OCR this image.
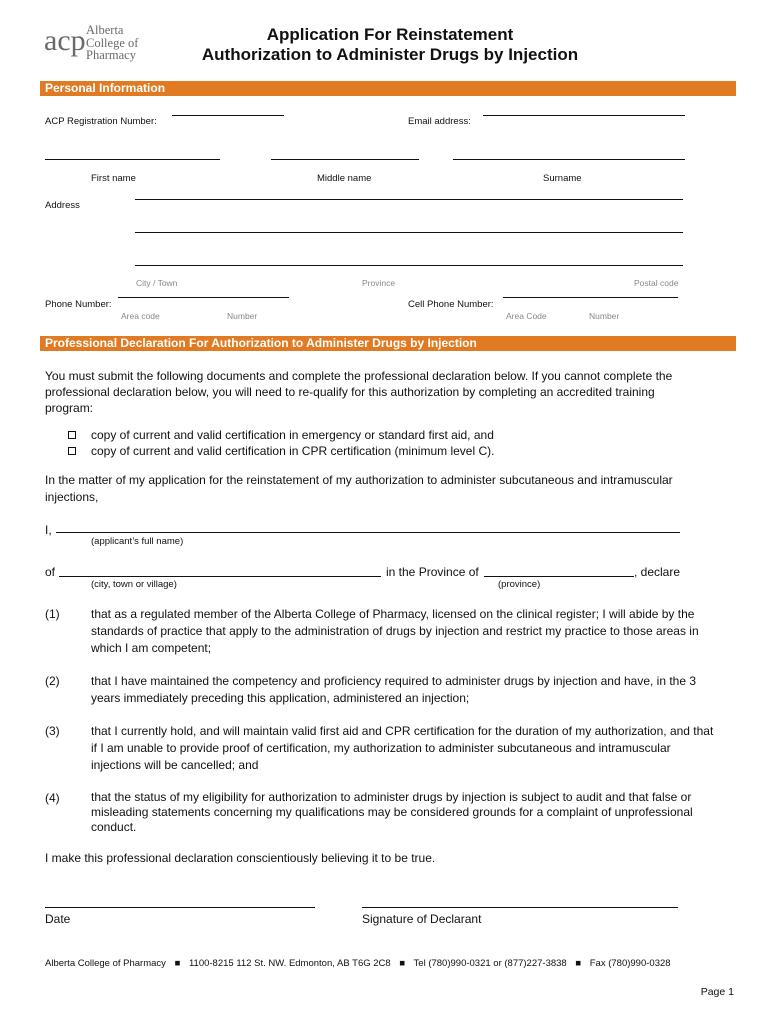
acp Alberta
College of
Pharmacy
Application For Reinstatement
Authorization to Administer Drugs by Injection
Personal Information
ACP Registration Number:	Email address:
First name	Middle name	Surname
Address
City / Town	Province	Postal code
Phone Number:
Area code	Number
Cell Phone Number:
Area Code	Number
Professional Declaration For Authorization to Administer Drugs by Injection
You must submit the following documents and complete the professional declaration below. If you cannot complete the
professional declaration below, you will need to re-qualify for this authorization by completing an accredited training
program:
copy of current and valid certification in emergency or standard first aid, and
copy of current and valid certification in CPR certification (minimum level C).
In the matter of my application for the reinstatement of my authorization to administer subcutaneous and intramuscular
injections,
I,
(applicant’s full name)
of	in the Province of	, declare
(city, town or village)	(province)
(1)	that as a regulated member of the Alberta College of Pharmacy, licensed on the clinical register; I will abide by the
standards of practice that apply to the administration of drugs by injection and restrict my practice to those areas in
which I am competent;
(2)	that I have maintained the competency and proficiency required to administer drugs by injection and have, in the 3
years immediately preceding this application, administered an injection;
(3)	that I currently hold, and will maintain valid first aid and CPR certification for the duration of my authorization, and that
if I am unable to provide proof of certification, my authorization to administer subcutaneous and intramuscular
injections will be cancelled; and
(4)	that the status of my eligibility for authorization to administer drugs by injection is subject to audit and that false or
misleading statements concerning my qualifications may be considered grounds for a complaint of unprofessional
conduct.
I make this professional declaration conscientiously believing it to be true.
Date	Signature of Declarant
Alberta College of Pharmacy ■ 1100-8215 112 St. NW. Edmonton, AB T6G 2C8 ■ Tel (780)990-0321 or (877)227-3838 ■ Fax (780)990-0328
Page 1
